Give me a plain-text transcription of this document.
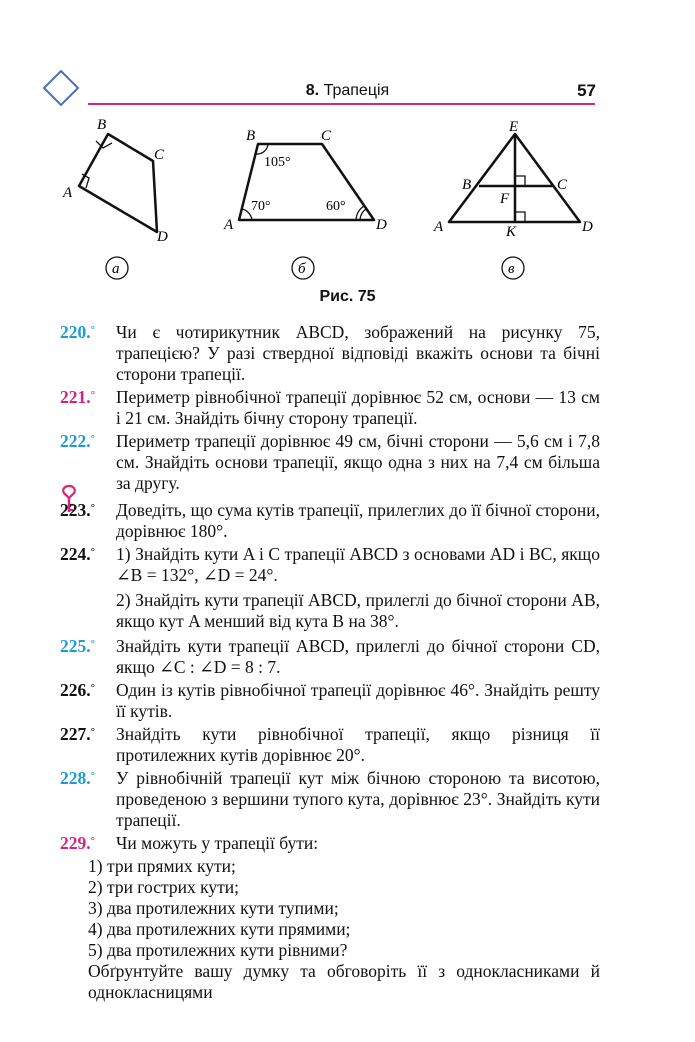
8. Трапеція	57
B
C
A
D
а
B	C
A	D
105°
70°	60°
б
E
B	C
F
A	K	D
в
Рис. 75
220.°	Чи є чотирикутник ABCD, зображений на рисунку 75, трапецією? У разі ствердної відповіді вкажіть основи та бічні сторони трапеції.
221.°	Периметр рівнобічної трапеції дорівнює 52 см, основи — 13 см і 21 см. Знайдіть бічну сторону трапеції.
222.°	Периметр трапеції дорівнює 49 см, бічні сторони — 5,6 см і 7,8 см. Знайдіть основи трапеції, якщо одна з них на 7,4 см більша за другу.
223.°	Доведіть, що сума кутів трапеції, прилеглих до її бічної сторони, дорівнює 180°.
224.°	1) Знайдіть кути A і C трапеції ABCD з основами AD і BC, якщо ∠B = 132°, ∠D = 24°.
2) Знайдіть кути трапеції ABCD, прилеглі до бічної сторони AB, якщо кут A менший від кута B на 38°.
225.°	Знайдіть кути трапеції ABCD, прилеглі до бічної сторони CD, якщо ∠C : ∠D = 8 : 7.
226.°	Один із кутів рівнобічної трапеції дорівнює 46°. Знайдіть решту її кутів.
227.°	Знайдіть кути рівнобічної трапеції, якщо різниця її протилежних кутів дорівнює 20°.
228.°	У рівнобічній трапеції кут між бічною стороною та висотою, проведеною з вершини тупого кута, дорівнює 23°. Знайдіть кути трапеції.
229.°	Чи можуть у трапеції бути:
1) три прямих кути;
2) три гострих кути;
3) два протилежних кути тупими;
4) два протилежних кути прямими;
5) два протилежних кути рівними?
Обґрунтуйте вашу думку та обговоріть її з однокласниками й однокласницями
